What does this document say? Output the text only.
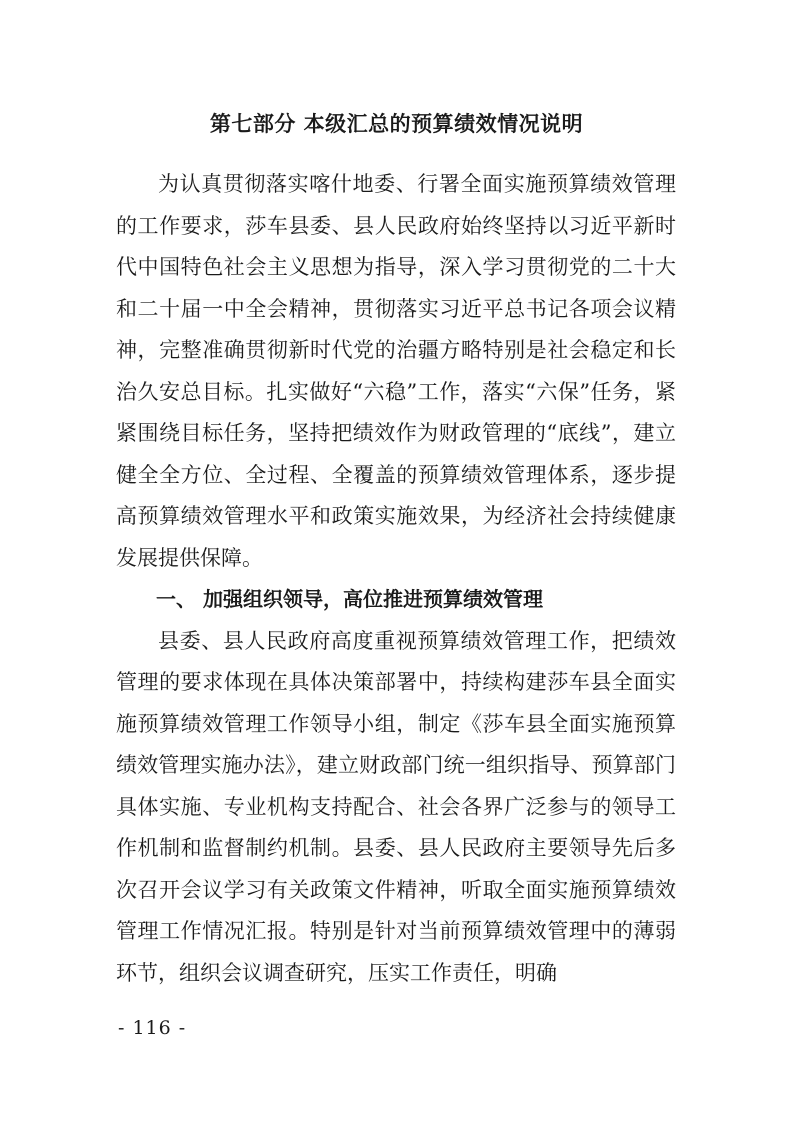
第七部分 本级汇总的预算绩效情况说明

为认真贯彻落实喀什地委、行署全面实施预算绩效管理的工作要求，莎车县委、县人民政府始终坚持以习近平新时代中国特色社会主义思想为指导，深入学习贯彻党的二十大和二十届一中全会精神，贯彻落实习近平总书记各项会议精神，完整准确贯彻新时代党的治疆方略特别是社会稳定和长治久安总目标。扎实做好“六稳”工作，落实“六保”任务，紧紧围绕目标任务，坚持把绩效作为财政管理的“底线”，建立健全全方位、全过程、全覆盖的预算绩效管理体系，逐步提高预算绩效管理水平和政策实施效果，为经济社会持续健康发展提供保障。

一、 加强组织领导，高位推进预算绩效管理

县委、县人民政府高度重视预算绩效管理工作，把绩效管理的要求体现在具体决策部署中，持续构建莎车县全面实施预算绩效管理工作领导小组，制定《莎车县全面实施预算绩效管理实施办法》，建立财政部门统一组织指导、预算部门具体实施、专业机构支持配合、社会各界广泛参与的领导工作机制和监督制约机制。县委、县人民政府主要领导先后多次召开会议学习有关政策文件精神，听取全面实施预算绩效管理工作情况汇报。特别是针对当前预算绩效管理中的薄弱环节，组织会议调查研究，压实工作责任，明确

- 116 -
